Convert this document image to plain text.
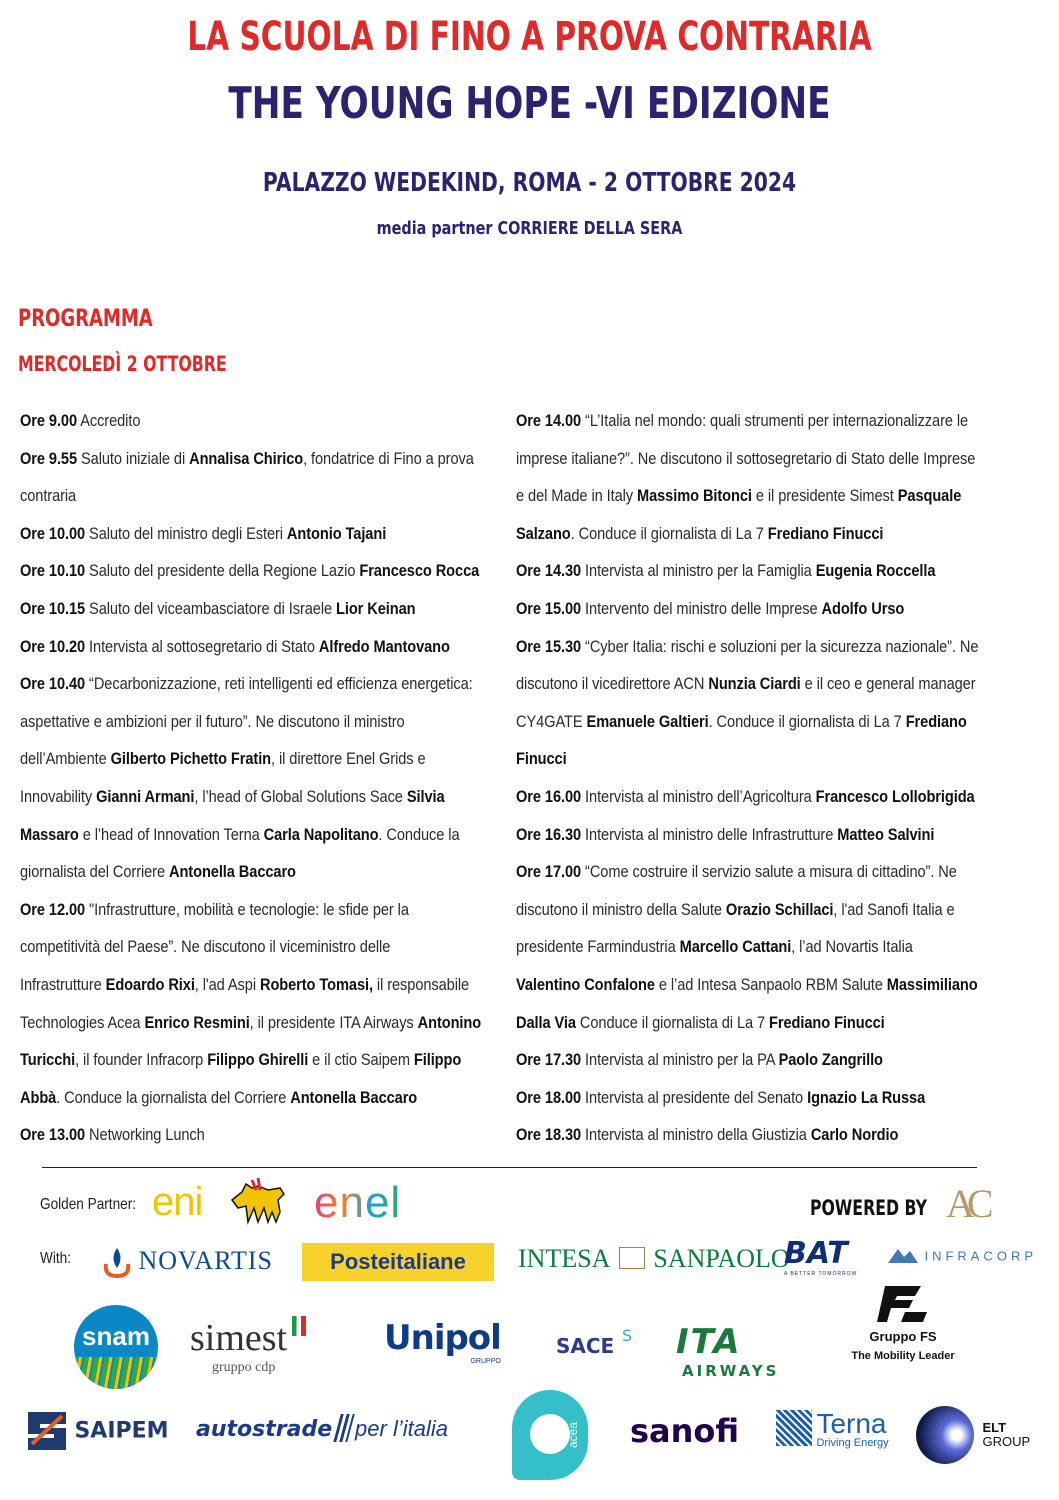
LA SCUOLA DI FINO A PROVA CONTRARIA
THE YOUNG HOPE -VI EDIZIONE
PALAZZO WEDEKIND, ROMA - 2 OTTOBRE 2024
media partner CORRIERE DELLA SERA
PROGRAMMA
MERCOLEDÌ 2 OTTOBRE
Ore 9.00 Accredito
Ore 9.55 Saluto iniziale di Annalisa Chirico, fondatrice di Fino a prova
contraria
Ore 10.00 Saluto del ministro degli Esteri Antonio Tajani
Ore 10.10 Saluto del presidente della Regione Lazio Francesco Rocca
Ore 10.15 Saluto del viceambasciatore di Israele Lior Keinan
Ore 10.20 Intervista al sottosegretario di Stato Alfredo Mantovano
Ore 10.40 “Decarbonizzazione, reti intelligenti ed efficienza energetica:
aspettative e ambizioni per il futuro”. Ne discutono il ministro
dell’Ambiente Gilberto Pichetto Fratin, il direttore Enel Grids e
Innovability Gianni Armani, l’head of Global Solutions Sace Silvia
Massaro e l’head of Innovation Terna Carla Napolitano. Conduce la
giornalista del Corriere Antonella Baccaro
Ore 12.00 "Infrastrutture, mobilità e tecnologie: le sfide per la
competitività del Paese”. Ne discutono il viceministro delle
Infrastrutture Edoardo Rixi, l'ad Aspi Roberto Tomasi, il responsabile
Technologies Acea Enrico Resmini, il presidente ITA Airways Antonino
Turicchi, il founder Infracorp Filippo Ghirelli e il ctio Saipem Filippo
Abbà. Conduce la giornalista del Corriere Antonella Baccaro
Ore 13.00 Networking Lunch
Ore 14.00 “L’Italia nel mondo: quali strumenti per internazionalizzare le
imprese italiane?”. Ne discutono il sottosegretario di Stato delle Imprese
e del Made in Italy Massimo Bitonci e il presidente Simest Pasquale
Salzano. Conduce il giornalista di La 7 Frediano Finucci
Ore 14.30 Intervista al ministro per la Famiglia Eugenia Roccella
Ore 15.00 Intervento del ministro delle Imprese Adolfo Urso
Ore 15.30 “Cyber Italia: rischi e soluzioni per la sicurezza nazionale”. Ne
discutono il vicedirettore ACN Nunzia Ciardi e il ceo e general manager
CY4GATE Emanuele Galtieri. Conduce il giornalista di La 7 Frediano
Finucci
Ore 16.00 Intervista al ministro dell’Agricoltura Francesco Lollobrigida
Ore 16.30 Intervista al ministro delle Infrastrutture Matteo Salvini
Ore 17.00 “Come costruire il servizio salute a misura di cittadino”. Ne
discutono il ministro della Salute Orazio Schillaci, l'ad Sanofi Italia e
presidente Farmindustria Marcello Cattani, l’ad Novartis Italia
Valentino Confalone e l’ad Intesa Sanpaolo RBM Salute Massimiliano
Dalla Via Conduce il giornalista di La 7 Frediano Finucci
Ore 17.30 Intervista al ministro per la PA Paolo Zangrillo
Ore 18.00 Intervista al presidente del Senato Ignazio La Russa
Ore 18.30 Intervista al ministro della Giustizia Carlo Nordio
Golden Partner:
With:
POWERED BY
eni	enel	AC
NOVARTIS	Posteitaliane	INTESA SANPAOLO
BAT
A BETTER TOMORROW
INFRACORP
snam simest
gruppo cdp
Unipol
GRUPPO
SACE S ITA
AIRWAYS
Gruppo FS
The Mobility Leader
SAIPEM autostrade per l’italia	acea sanofi
	Terna
Driving Energy

ELT
GROUP
